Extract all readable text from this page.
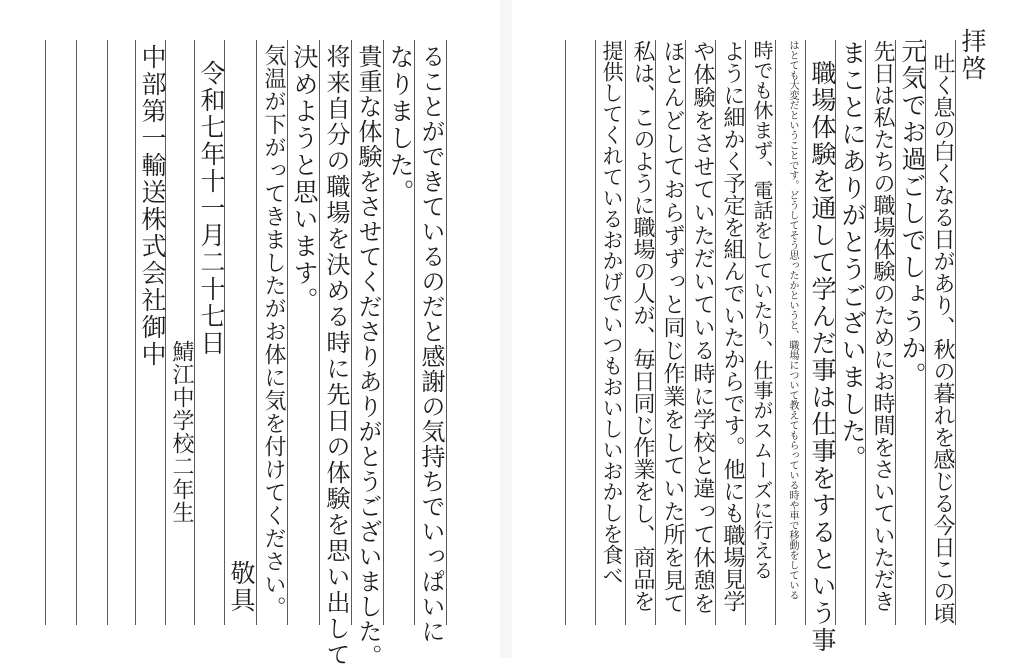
ることができているのだと感謝の気持ちでいっぱいに
なりました。
貴重な体験をさせてくださりありがとうございました。
将来自分の職場を決める時に先日の体験を思い出して
決めようと思います。
気温が下がってきましたがお体に気を付けてください。
敬具
令和七年十一月二十七日
鯖江中学校二年生
中部第一輸送株式会社御中	拝啓
吐く息の白くなる日があり、秋の暮れを感じる今日この頃
元気でお過ごしでしょうか。
先日は私たちの職場体験のためにお時間をさいていただき
まことにありがとうございました。
職場体験を通して学んだ事は仕事をするという事
はとても大変だということです。どうしてそう思ったかというと、職場について教えてもらっている時や車で移動をしている
時でも休まず、電話をしていたり、仕事がスムーズに行える
ように細かく予定を組んでいたからです。他にも職場見学
や体験をさせていただいている時に学校と違って休憩を
ほとんどしておらずずっと同じ作業をしていた所を見て
私は、このように職場の人が、毎日同じ作業をし、商品を
提供してくれているおかげでいつもおいしいおかしを食べ
